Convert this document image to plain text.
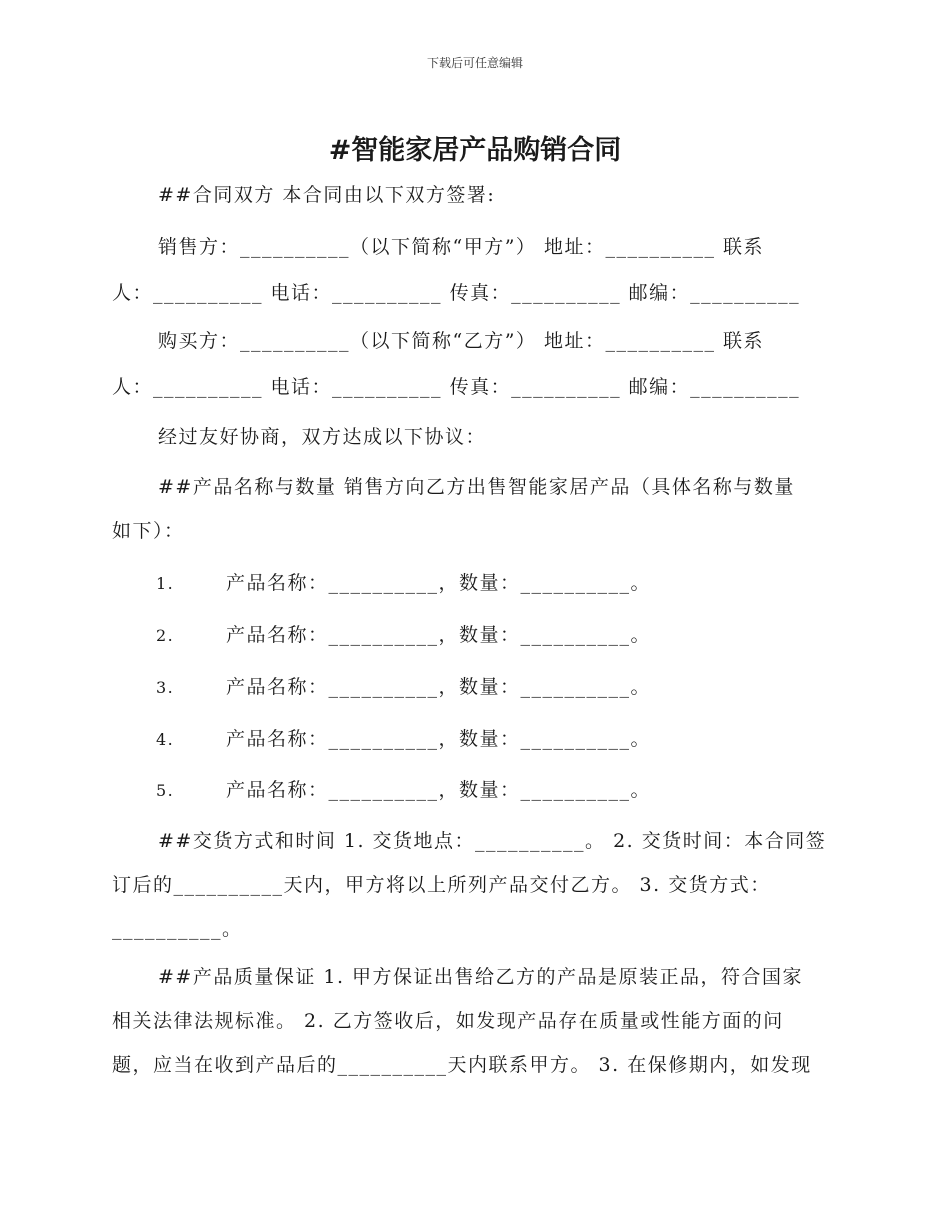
下载后可任意编辑
#智能家居产品购销合同
##合同双方 本合同由以下双方签署:
销售方：__________（以下简称“甲方”） 地址：__________ 联系
人：__________ 电话：__________ 传真：__________ 邮编：__________
购买方：__________（以下简称“乙方”） 地址：__________ 联系
人：__________ 电话：__________ 传真：__________ 邮编：__________
经过友好协商，双方达成以下协议：
##产品名称与数量 销售方向乙方出售智能家居产品（具体名称与数量
如下）：
1.	产品名称：__________，数量：__________。
2.	产品名称：__________，数量：__________。
3.	产品名称：__________，数量：__________。
4.	产品名称：__________，数量：__________。
5.	产品名称：__________，数量：__________。
##交货方式和时间 1. 交货地点：__________。 2. 交货时间：本合同签
订后的__________天内，甲方将以上所列产品交付乙方。 3. 交货方式：
__________。
##产品质量保证 1. 甲方保证出售给乙方的产品是原装正品，符合国家
相关法律法规标准。 2. 乙方签收后，如发现产品存在质量或性能方面的问
题，应当在收到产品后的__________天内联系甲方。 3. 在保修期内，如发现
